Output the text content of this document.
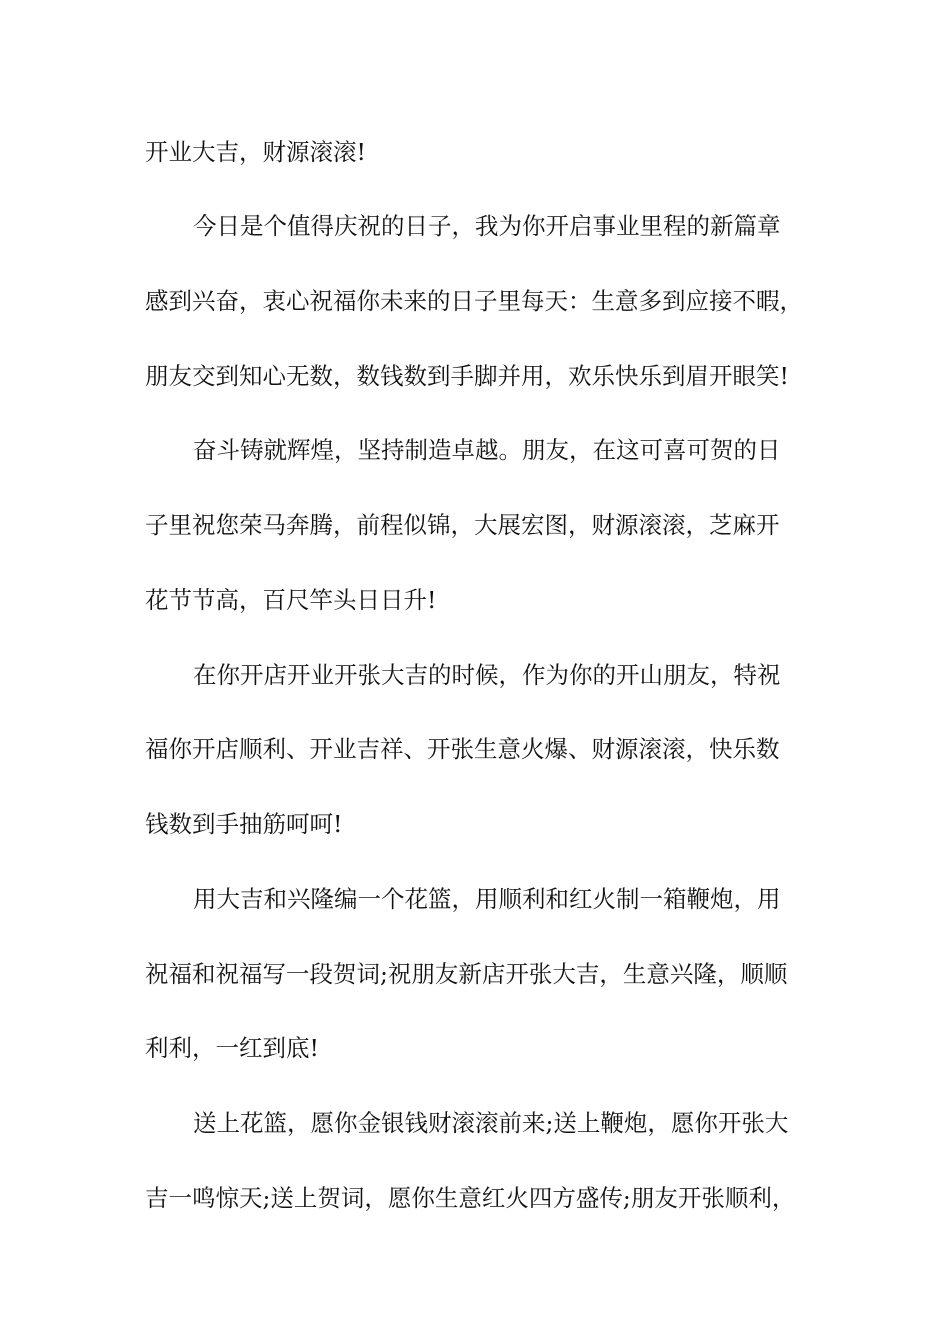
开业大吉，财源滚滚!
今日是个值得庆祝的日子，我为你开启事业里程的新篇章
感到兴奋，衷心祝福你未来的日子里每天：生意多到应接不暇，
朋友交到知心无数，数钱数到手脚并用，欢乐快乐到眉开眼笑!
奋斗铸就辉煌，坚持制造卓越。朋友，在这可喜可贺的日
子里祝您荣马奔腾，前程似锦，大展宏图，财源滚滚，芝麻开
花节节高，百尺竿头日日升!
在你开店开业开张大吉的时候，作为你的开山朋友，特祝
福你开店顺利、开业吉祥、开张生意火爆、财源滚滚，快乐数
钱数到手抽筋呵呵!
用大吉和兴隆编一个花篮，用顺利和红火制一箱鞭炮，用
祝福和祝福写一段贺词;祝朋友新店开张大吉，生意兴隆，顺顺
利利，一红到底!
送上花篮，愿你金银钱财滚滚前来;送上鞭炮，愿你开张大
吉一鸣惊天;送上贺词，愿你生意红火四方盛传;朋友开张顺利，
